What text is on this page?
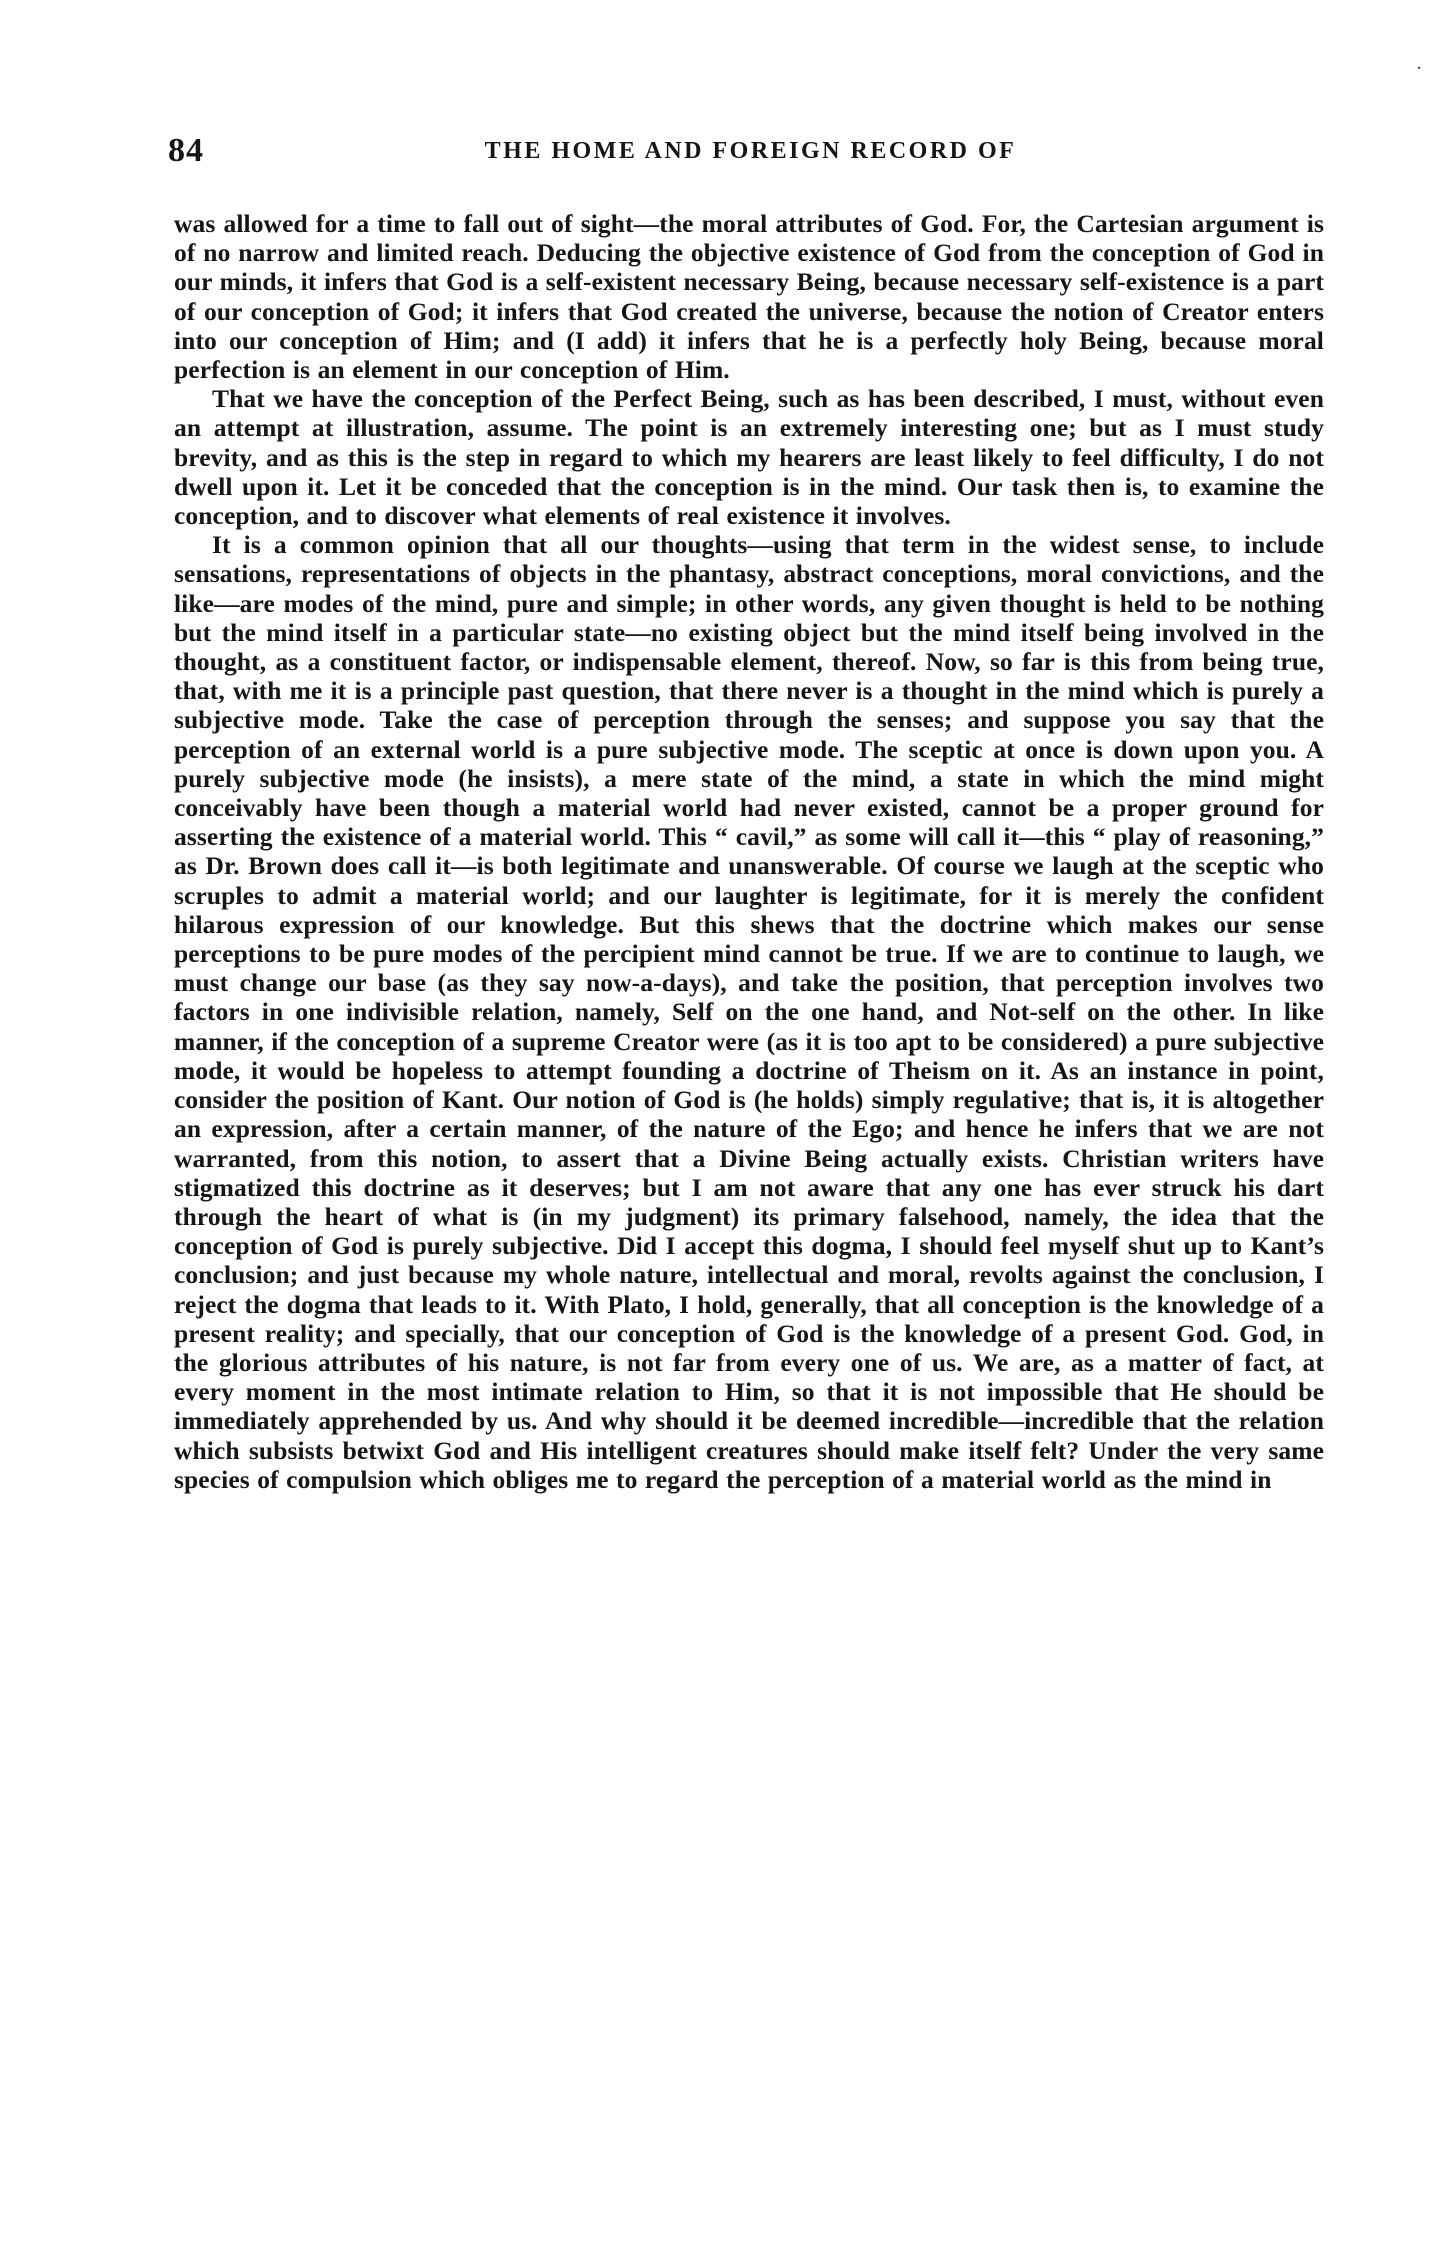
⋅
84	THE HOME AND FOREIGN RECORD OF

was allowed for a time to fall out of sight—the moral attributes of God. For, the Cartesian argument is of no narrow and limited reach. Deducing the objective existence of God from the conception of God in our minds, it infers that God is a self-existent necessary Being, because necessary self-existence is a part of our conception of God; it infers that God created the universe, because the notion of Creator enters into our conception of Him; and (I add) it infers that he is a perfectly holy Being, because moral perfection is an element in our conception of Him.

That we have the conception of the Perfect Being, such as has been described, I must, without even an attempt at illustration, assume. The point is an extremely interesting one; but as I must study brevity, and as this is the step in regard to which my hearers are least likely to feel difficulty, I do not dwell upon it. Let it be conceded that the conception is in the mind. Our task then is, to examine the conception, and to discover what elements of real existence it involves.

It is a common opinion that all our thoughts—using that term in the widest sense, to include sensations, representations of objects in the phantasy, abstract conceptions, moral convictions, and the like—are modes of the mind, pure and simple; in other words, any given thought is held to be nothing but the mind itself in a particular state—no existing object but the mind itself being involved in the thought, as a constituent factor, or indispensable element, thereof. Now, so far is this from being true, that, with me it is a principle past question, that there never is a thought in the mind which is purely a subjective mode. Take the case of perception through the senses; and suppose you say that the perception of an external world is a pure subjective mode. The sceptic at once is down upon you. A purely subjective mode (he insists), a mere state of the mind, a state in which the mind might conceivably have been though a material world had never existed, cannot be a proper ground for asserting the existence of a material world. This “ cavil,” as some will call it—this “ play of reasoning,” as Dr. Brown does call it—is both legitimate and unanswerable. Of course we laugh at the sceptic who scruples to admit a material world; and our laughter is legitimate, for it is merely the confident hilarous expression of our knowledge. But this shews that the doctrine which makes our sense perceptions to be pure modes of the percipient mind cannot be true. If we are to continue to laugh, we must change our base (as they say now-a-days), and take the position, that perception involves two factors in one indivisible relation, namely, Self on the one hand, and Not-self on the other. In like manner, if the conception of a supreme Creator were (as it is too apt to be considered) a pure subjective mode, it would be hopeless to attempt founding a doctrine of Theism on it. As an instance in point, consider the position of Kant. Our notion of God is (he holds) simply regulative; that is, it is altogether an expression, after a certain manner, of the nature of the Ego; and hence he infers that we are not warranted, from this notion, to assert that a Divine Being actually exists. Christian writers have stigmatized this doctrine as it deserves; but I am not aware that any one has ever struck his dart through the heart of what is (in my judgment) its primary falsehood, namely, the idea that the conception of God is purely subjective. Did I accept this dogma, I should feel myself shut up to Kant’s conclusion; and just because my whole nature, intellectual and moral, revolts against the conclusion, I reject the dogma that leads to it. With Plato, I hold, generally, that all conception is the knowledge of a present reality; and specially, that our conception of God is the knowledge of a present God. God, in the glorious attributes of his nature, is not far from every one of us. We are, as a matter of fact, at every moment in the most intimate relation to Him, so that it is not impossible that He should be immediately apprehended by us. And why should it be deemed incredible—incredible that the relation which subsists betwixt God and His intelligent creatures should make itself felt? Under the very same species of compulsion which obliges me to regard the perception of a material world as the mind in
